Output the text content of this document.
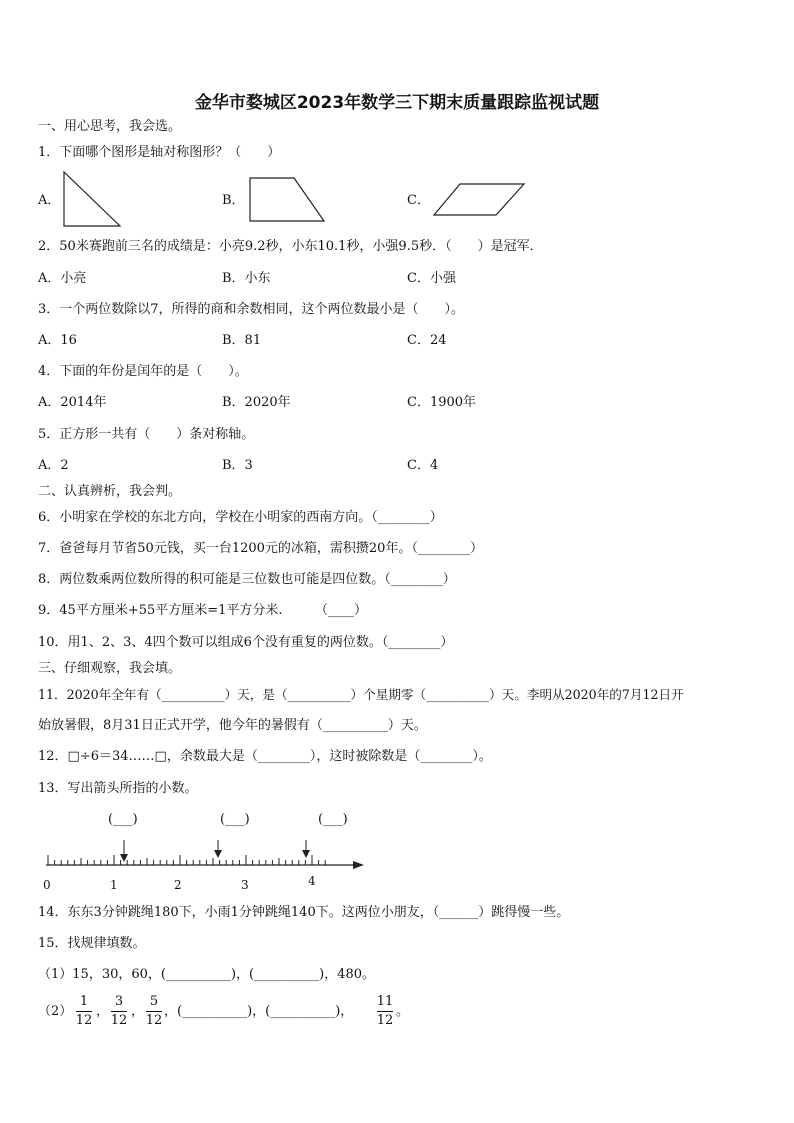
金华市婺城区2023年数学三下期末质量跟踪监视试题
一、用心思考，我会选。
1．下面哪个图形是轴对称图形？（　　）
A．	B．	C．
2．50米赛跑前三名的成绩是：小亮9.2秒，小东10.1秒，小强9.5秒．（　　）是冠军．
A．小亮	B．小东	C．小强
3．一个两位数除以7，所得的商和余数相同，这个两位数最小是（　　）。
A．16	B．81	C．24
4．下面的年份是闰年的是（　　）。
A．2014年	B．2020年	C．1900年
5．正方形一共有（　　）条对称轴。
A．2	B．3	C．4
二、认真辨析，我会判。
6．小明家在学校的东北方向，学校在小明家的西南方向。（________）
7．爸爸每月节省50元钱，买一台1200元的冰箱，需积攒20年。（________）
8．两位数乘两位数所得的积可能是三位数也可能是四位数。（________）
9．45平方厘米+55平方厘米=1平方分米.　　　（____）
10．用1、2、3、4四个数可以组成6个没有重复的两位数。（________）
三、仔细观察，我会填。
11．2020年全年有（__________）天，是（__________）个星期零（__________）天。李明从2020年的7月12日开
始放暑假，8月31日正式开学，他今年的暑假有（__________）天。
12．□÷6＝34……□，余数最大是（________），这时被除数是（________）。
13．写出箭头所指的小数。
(___)	(___)	(___)
0	1	2	3	4
14．东东3分钟跳绳180下，小雨1分钟跳绳140下。这两位小朋友，（______）跳得慢一些。
15．找规律填数。
（1）15，30，60，(__________)，(__________)，480。
（2）
1
12
，
3
12
，
5
12
，(__________)，(__________)，
11
12
。
